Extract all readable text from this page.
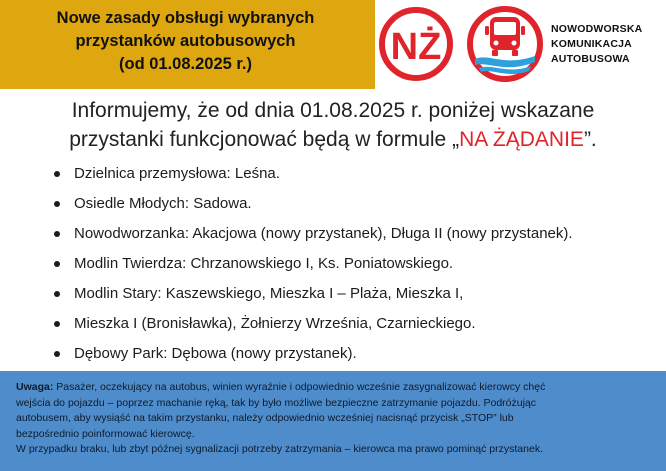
Nowe zasady obsługi wybranych
przystanków autobusowych
(od 01.08.2025 r.)	NŻ	NOWODWORSKA
KOMUNIKACJA
AUTOBUSOWA
Informujemy, że od dnia 01.08.2025 r. poniżej wskazane
przystanki funkcjonować będą w formule „NA ŻĄDANIE”.
Dzielnica przemysłowa: Leśna.
Osiedle Młodych: Sadowa.
Nowodworzanka: Akacjowa (nowy przystanek), Długa II (nowy przystanek).
Modlin Twierdza: Chrzanowskiego I, Ks. Poniatowskiego.
Modlin Stary: Kaszewskiego, Mieszka I – Plaża, Mieszka I,
Mieszka I (Bronisławka), Żołnierzy Września, Czarnieckiego.
Dębowy Park: Dębowa (nowy przystanek).
Uwaga: Pasażer, oczekujący na autobus, winien wyraźnie i odpowiednio wcześnie zasygnalizować kierowcy chęć
wejścia do pojazdu – poprzez machanie ręką, tak by było możliwe bezpieczne zatrzymanie pojazdu. Podróżując
autobusem, aby wysiąść na takim przystanku, należy odpowiednio wcześniej nacisnąć przycisk „STOP” lub
bezpośrednio poinformować kierowcę.
W przypadku braku, lub zbyt późnej sygnalizacji potrzeby zatrzymania – kierowca ma prawo pominąć przystanek.
